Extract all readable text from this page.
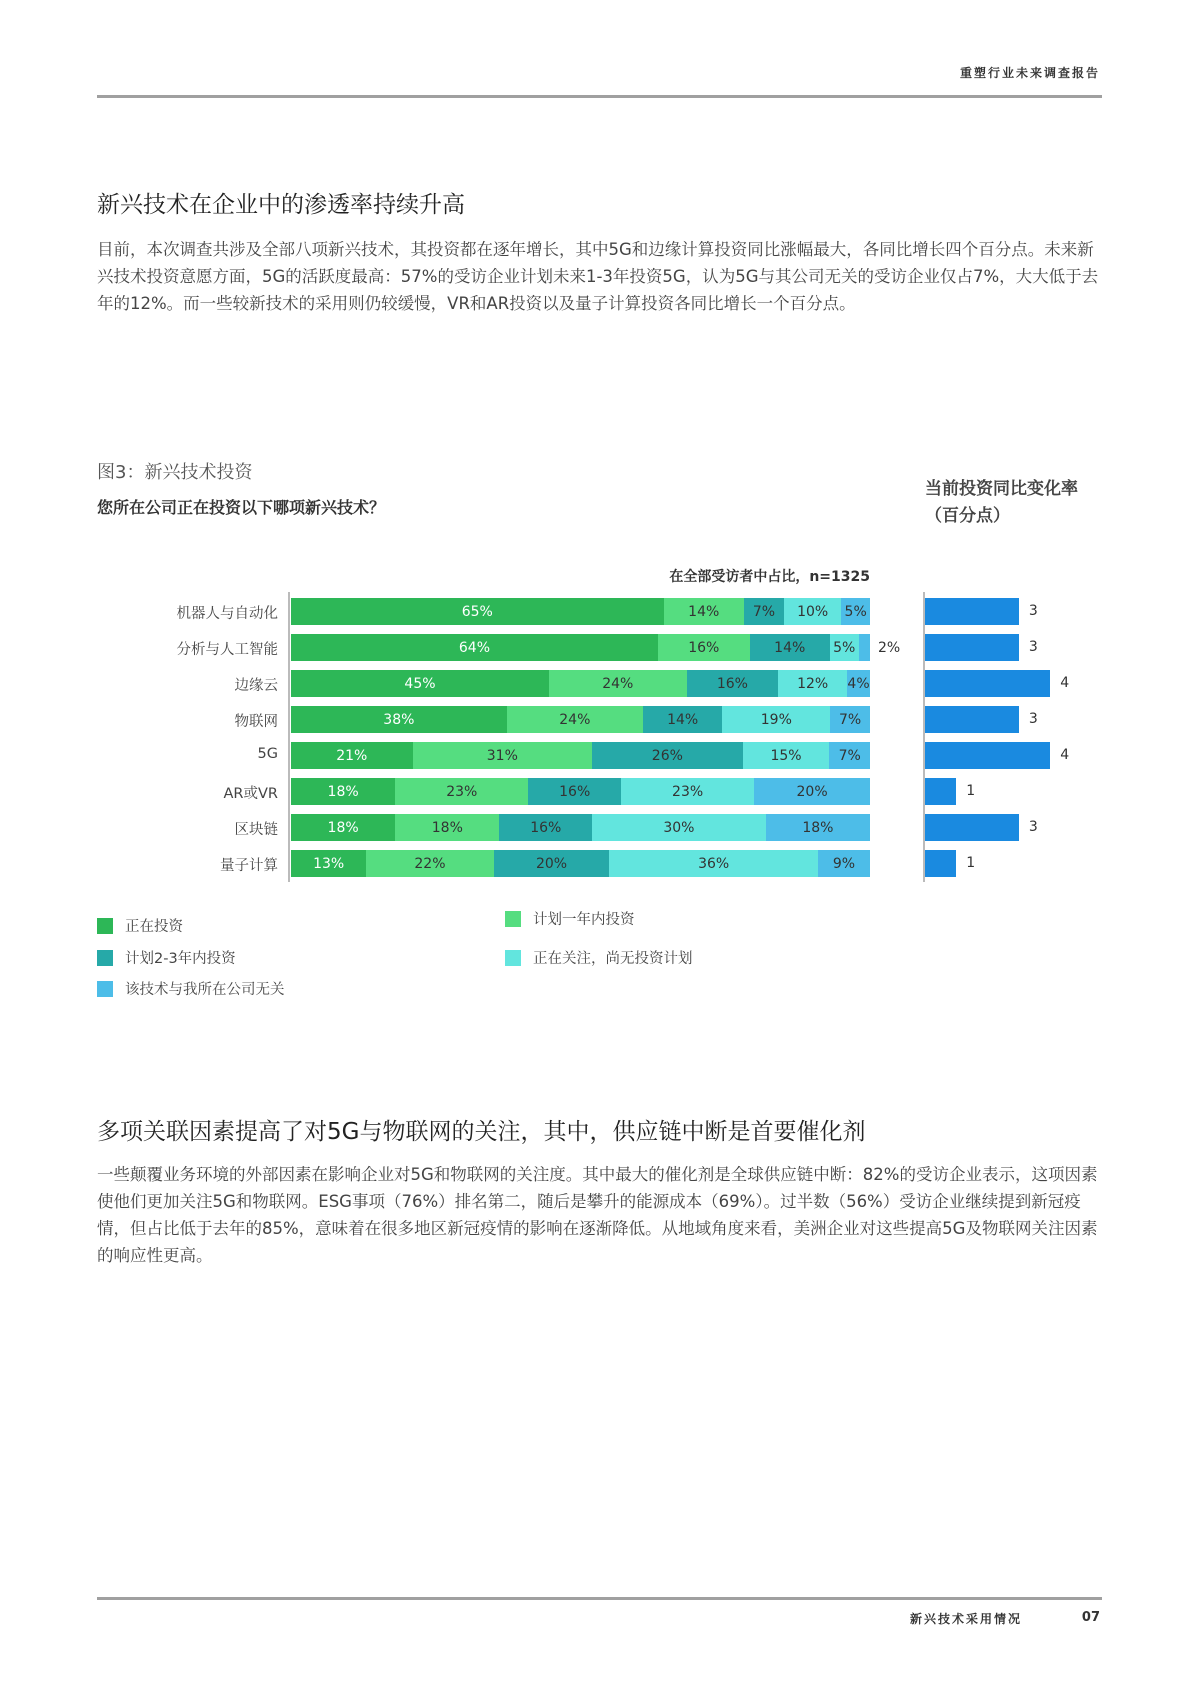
重塑行业未来调查报告
新兴技术在企业中的渗透率持续升高
目前，本次调查共涉及全部八项新兴技术，其投资都在逐年增长，其中5G和边缘计算投资同比涨幅最大，各同比增长四个百分点。未来新兴技术投资意愿方面，5G的活跃度最高：57%的受访企业计划未来1-3年投资5G，认为5G与其公司无关的受访企业仅占7%，大大低于去年的12%。而一些较新技术的采用则仍较缓慢，VR和AR投资以及量子计算投资各同比增长一个百分点。
图3：新兴技术投资
您所在公司正在投资以下哪项新兴技术？
当前投资同比变化率
（百分点）
在全部受访者中占比，n=1325
多项关联因素提高了对5G与物联网的关注，其中，供应链中断是首要催化剂
一些颠覆业务环境的外部因素在影响企业对5G和物联网的关注度。其中最大的催化剂是全球供应链中断：82%的受访企业表示，这项因素使他们更加关注5G和物联网。ESG事项（76%）排名第二，随后是攀升的能源成本（69%）。过半数（56%）受访企业继续提到新冠疫情，但占比低于去年的85%，意味着在很多地区新冠疫情的影响在逐渐降低。从地域角度来看，美洲企业对这些提高5G及物联网关注因素的响应性更高。
新兴技术采用情况	07
机器人与自动化	65%	14% 7% 10% 5%	3
分析与人工智能	64%	16%	14% 5% 2%	3
边缘云	45%	24%	16%	12% 4%	4
物联网	38%	24%	14%	19%	7%	3
5G	21%	31%	26%	15%	7%	4
AR或VR	18%	23%	16%	23%	20%	1
区块链	18%	18%	16%	30%	18%	3
量子计算	13%	22%	20%	36%	9%	1
正在投资	计划一年内投资
计划2-3年内投资	正在关注，尚无投资计划
该技术与我所在公司无关
